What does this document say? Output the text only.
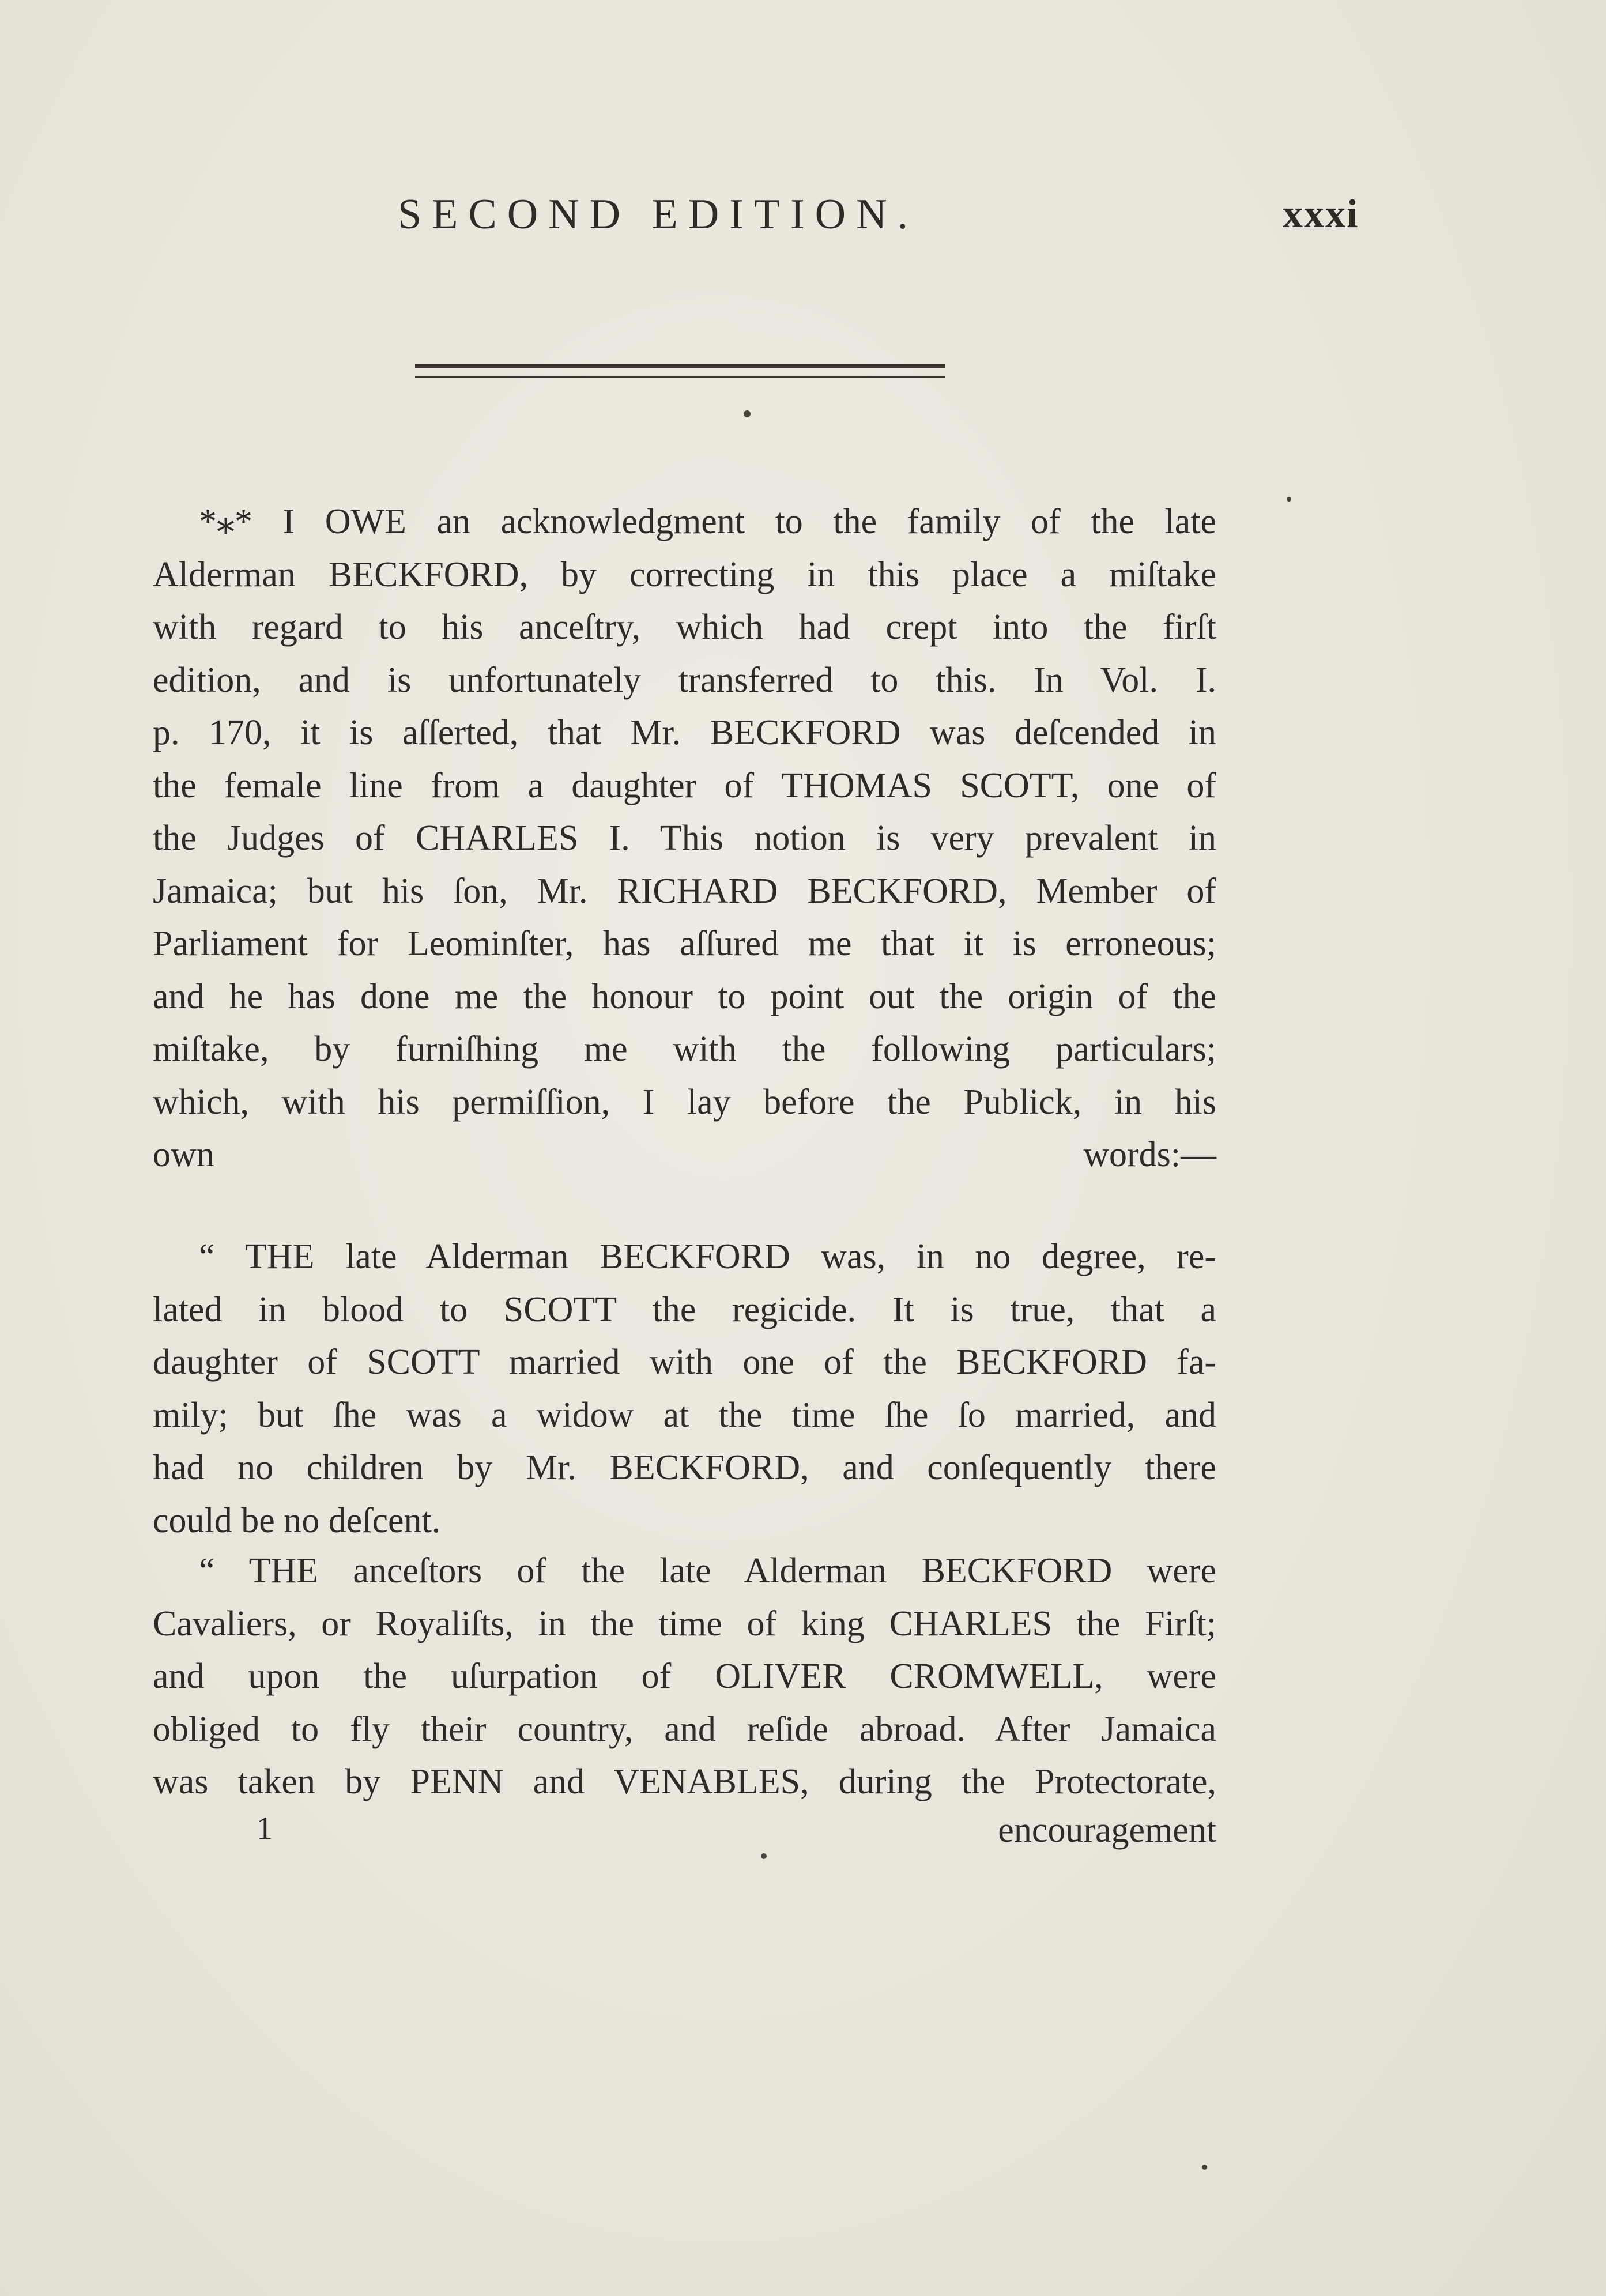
SECOND EDITION.	xxxi
*⁎* I OWE an acknowledgment to the family of the late
Alderman BECKFORD, by correcting in this place a miſtake
with regard to his anceſtry, which had crept into the firſt
edition, and is unfortunately transferred to this. In Vol. I.
p. 170, it is aſſerted, that Mr. BECKFORD was deſcended in
the female line from a daughter of THOMAS SCOTT, one of
the Judges of CHARLES I. This notion is very prevalent in
Jamaica; but his ſon, Mr. RICHARD BECKFORD, Member of
Parliament for Leominſter, has aſſured me that it is erroneous;
and he has done me the honour to point out the origin of the
miſtake, by furniſhing me with the following particulars;
which, with his permiſſion, I lay before the Publick, in his
own words:—
“ THE late Alderman BECKFORD was, in no degree, re-
lated in blood to SCOTT the regicide. It is true, that a
daughter of SCOTT married with one of the BECKFORD fa-
mily; but ſhe was a widow at the time ſhe ſo married, and
had no children by Mr. BECKFORD, and conſequently there
could be no deſcent.
“ THE anceſtors of the late Alderman BECKFORD were
Cavaliers, or Royaliſts, in the time of king CHARLES the Firſt;
and upon the uſurpation of OLIVER CROMWELL, were
obliged to fly their country, and reſide abroad. After Jamaica
was taken by PENN and VENABLES, during the Protectorate,
1	encouragement
